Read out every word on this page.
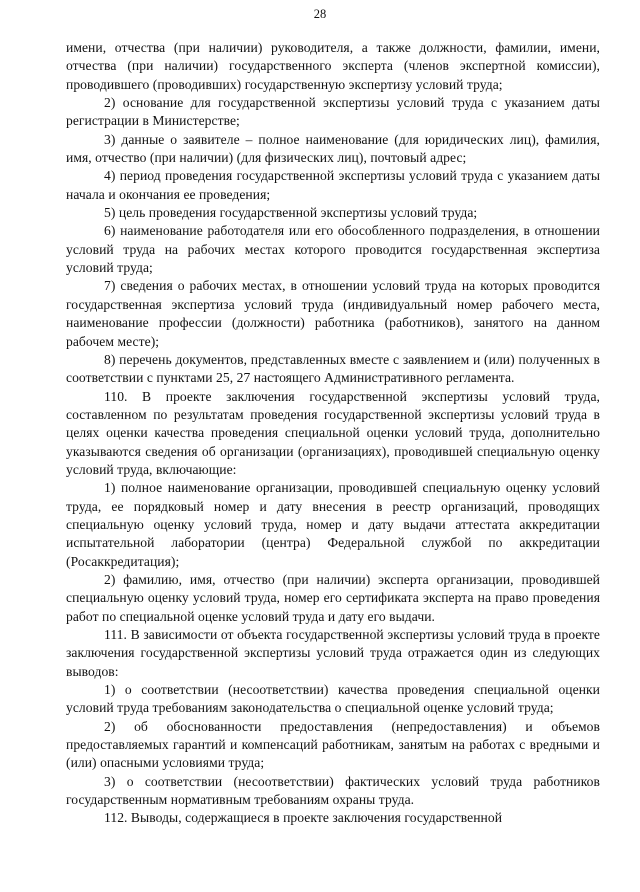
28

имени, отчества (при наличии) руководителя, а также должности, фамилии, имени, отчества (при наличии) государственного эксперта (членов экспертной комиссии), проводившего (проводивших) государственную экспертизу условий труда;

2) основание для государственной экспертизы условий труда с указанием даты регистрации в Министерстве;

3) данные о заявителе – полное наименование (для юридических лиц), фамилия, имя, отчество (при наличии) (для физических лиц), почтовый адрес;

4) период проведения государственной экспертизы условий труда с указанием даты начала и окончания ее проведения;

5) цель проведения государственной экспертизы условий труда;

6) наименование работодателя или его обособленного подразделения, в отношении условий труда на рабочих местах которого проводится государственная экспертиза условий труда;

7) сведения о рабочих местах, в отношении условий труда на которых проводится государственная экспертиза условий труда (индивидуальный номер рабочего места, наименование профессии (должности) работника (работников), занятого на данном рабочем месте);

8) перечень документов, представленных вместе с заявлением и (или) полученных в соответствии с пунктами 25, 27 настоящего Административного регламента.

110. В проекте заключения государственной экспертизы условий труда, составленном по результатам проведения государственной экспертизы условий труда в целях оценки качества проведения специальной оценки условий труда, дополнительно указываются сведения об организации (организациях), проводившей специальную оценку условий труда, включающие:

1) полное наименование организации, проводившей специальную оценку условий труда, ее порядковый номер и дату внесения в реестр организаций, проводящих специальную оценку условий труда, номер и дату выдачи аттестата аккредитации испытательной лаборатории (центра) Федеральной службой по аккредитации (Росаккредитация);

2) фамилию, имя, отчество (при наличии) эксперта организации, проводившей специальную оценку условий труда, номер его сертификата эксперта на право проведения работ по специальной оценке условий труда и дату его выдачи.

111. В зависимости от объекта государственной экспертизы условий труда в проекте заключения государственной экспертизы условий труда отражается один из следующих выводов:

1) о соответствии (несоответствии) качества проведения специальной оценки условий труда требованиям законодательства о специальной оценке условий труда;

2) об обоснованности предоставления (непредоставления) и объемов предоставляемых гарантий и компенсаций работникам, занятым на работах с вредными и (или) опасными условиями труда;

3) о соответствии (несоответствии) фактических условий труда работников государственным нормативным требованиям охраны труда.

112. Выводы, содержащиеся в проекте заключения государственной
